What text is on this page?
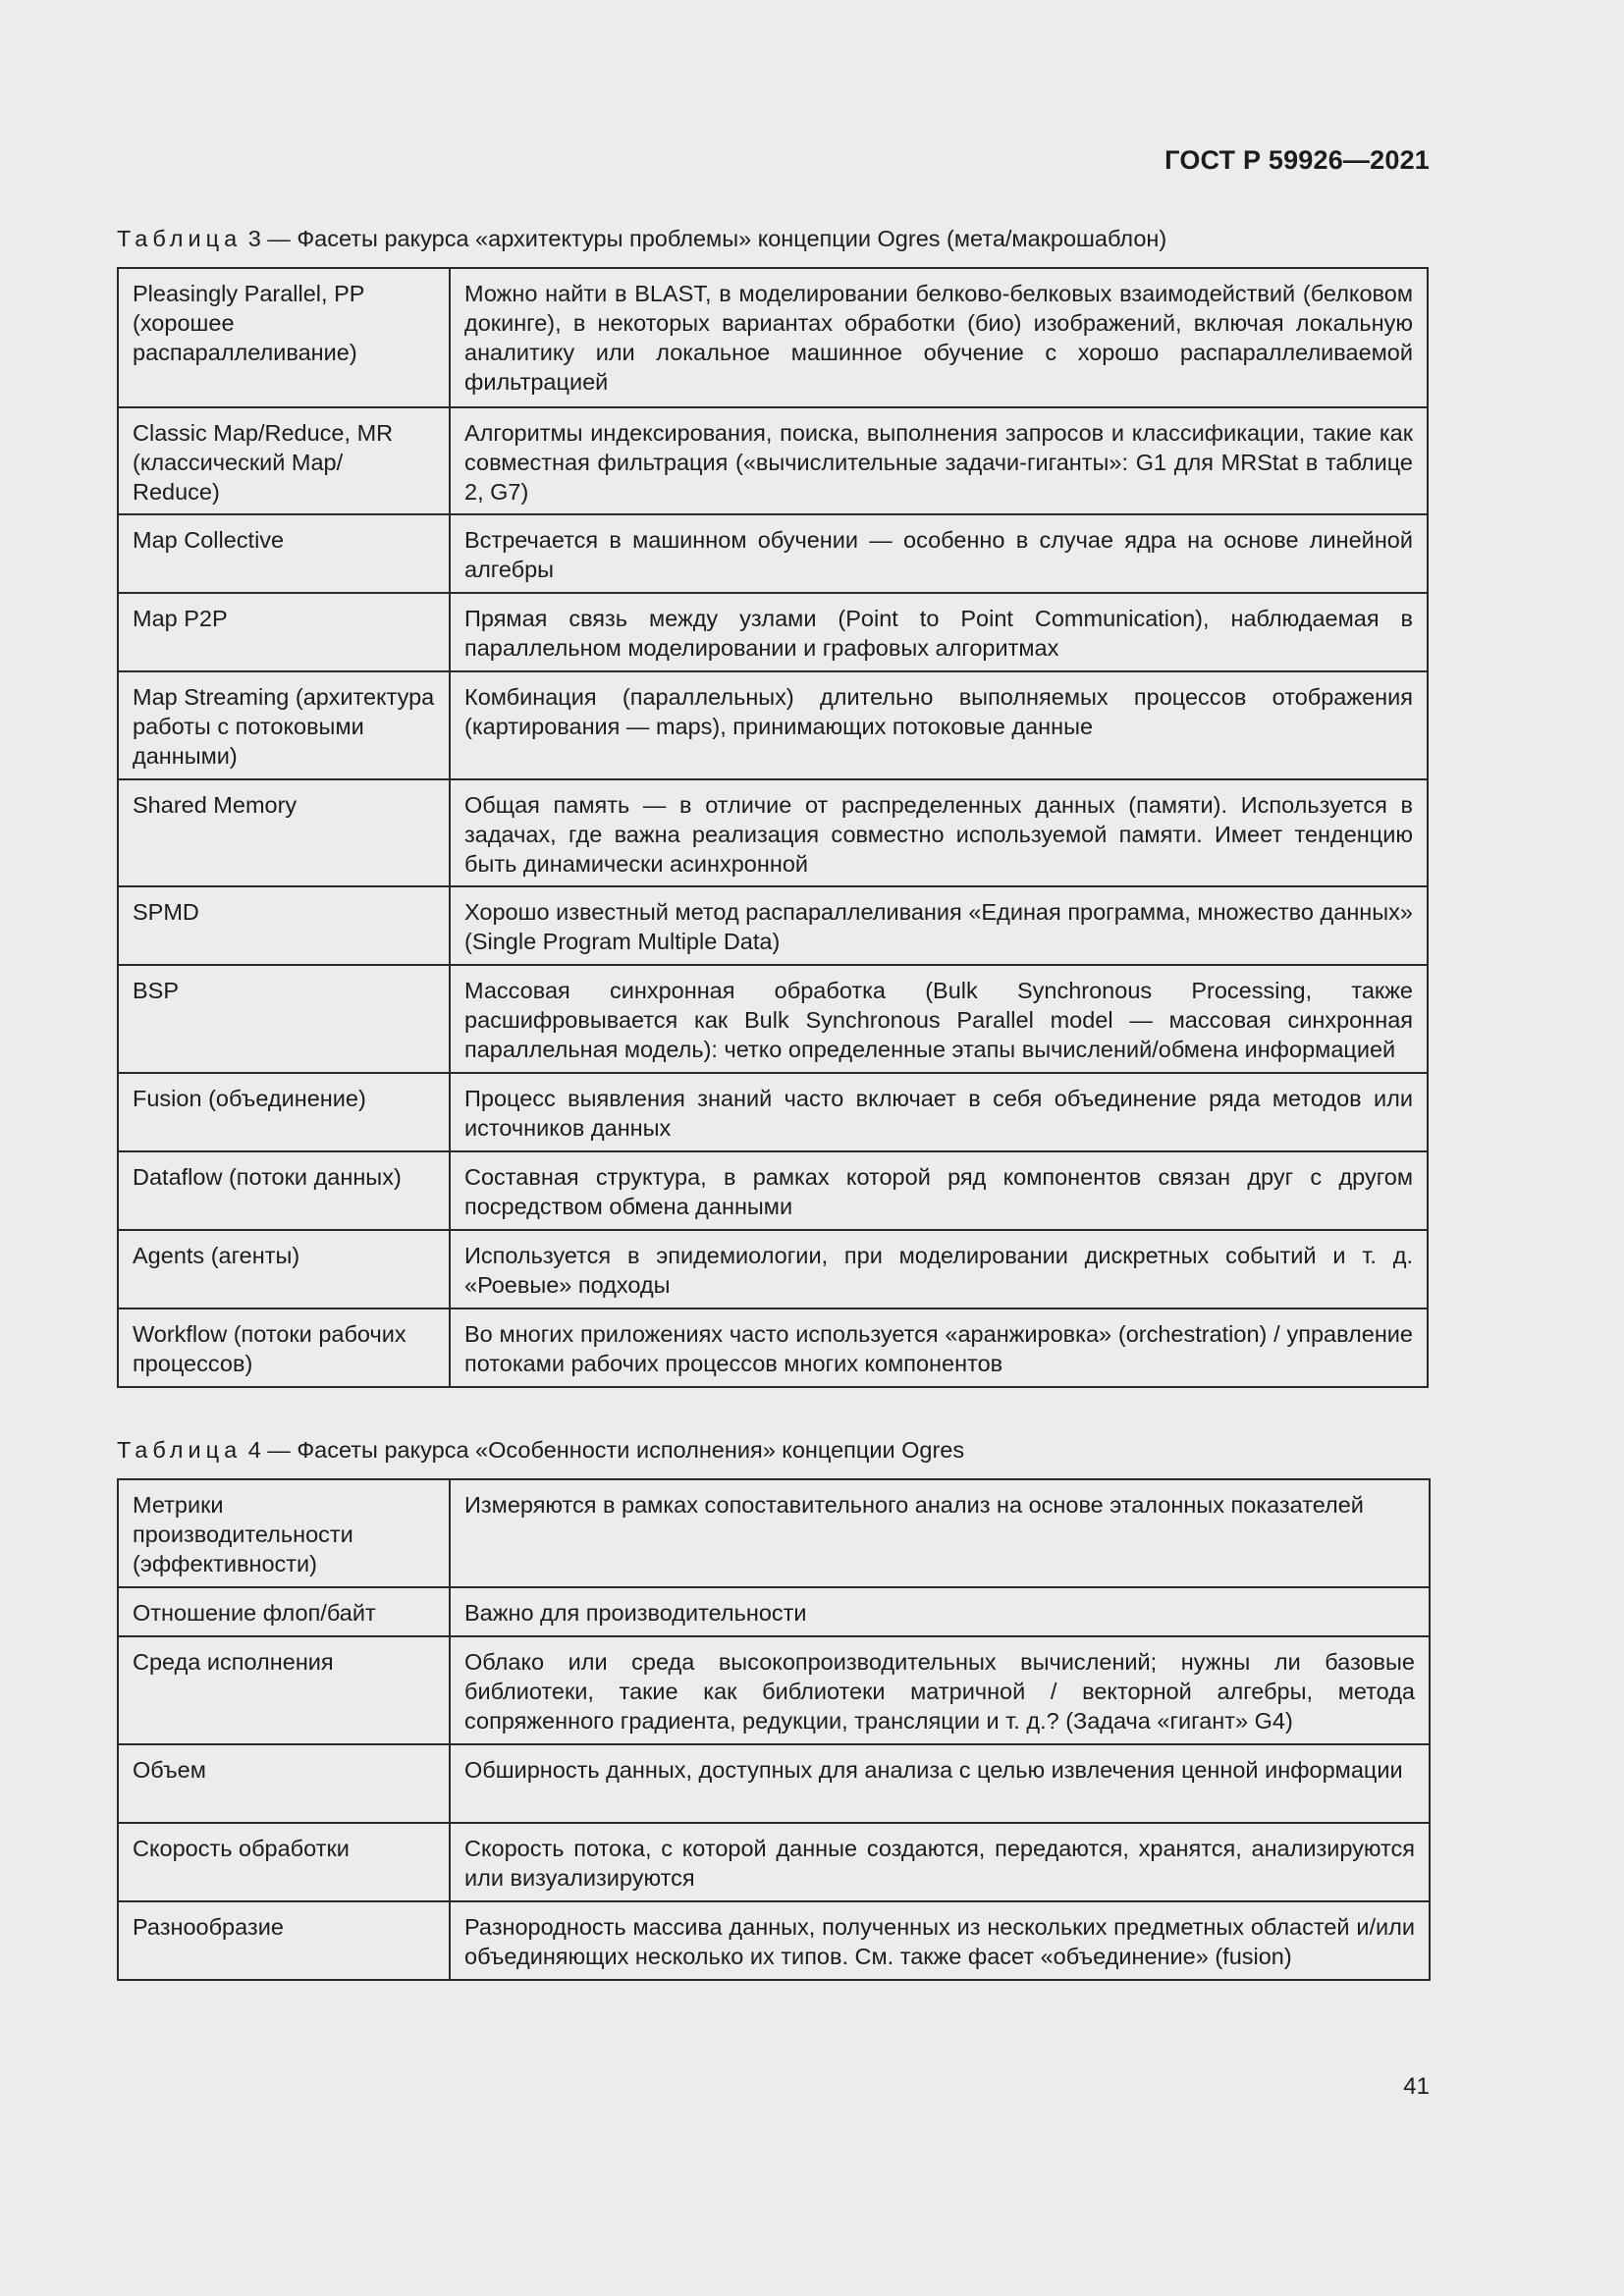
ГОСТ Р 59926—2021
Таблица 3 — Фасеты ракурса «архитектуры проблемы» концепции Ogres (мета/макрошаблон)
Pleasingly Parallel, PP (хорошее распараллеливание)	Можно найти в BLAST, в моделировании белково-белковых взаимодействий (белковом докинге), в некоторых вариантах обработки (био) изображений, включая локальную аналитику или локальное машинное обучение с хорошо распараллеливаемой фильтрацией
Classic Map/Reduce, MR (классический Map/ Reduce)	Алгоритмы индексирования, поиска, выполнения запросов и классификации, такие как совместная фильтрация («вычислительные задачи-гиганты»: G1 для MRStat в таблице 2, G7)
Map Collective	Встречается в машинном обучении — особенно в случае ядра на основе линейной алгебры
Map P2P	Прямая связь между узлами (Point to Point Communication), наблюдаемая в параллельном моделировании и графовых алгоритмах
Map Streaming (архитектура работы с потоковыми данными)	Комбинация (параллельных) длительно выполняемых процессов отображения (картирования — maps), принимающих потоковые данные
Shared Memory	Общая память — в отличие от распределенных данных (памяти). Используется в задачах, где важна реализация совместно используемой памяти. Имеет тенденцию быть динамически асинхронной
SPMD	Хорошо известный метод распараллеливания «Единая программа, множество данных» (Single Program Multiple Data)
BSP	Массовая синхронная обработка (Bulk Synchronous Processing, также расшифровывается как Bulk Synchronous Parallel model — массовая синхронная параллельная модель): четко определенные этапы вычислений/обмена информацией
Fusion (объединение)	Процесс выявления знаний часто включает в себя объединение ряда методов или источников данных
Dataflow (потоки данных)	Составная структура, в рамках которой ряд компонентов связан друг с другом посредством обмена данными
Agents (агенты)	Используется в эпидемиологии, при моделировании дискретных событий и т. д. «Роевые» подходы
Workflow (потоки рабочих процессов)	Во многих приложениях часто используется «аранжировка» (orchestration) / управление потоками рабочих процессов многих компонентов
Таблица 4 — Фасеты ракурса «Особенности исполнения» концепции Ogres
Метрики производительности (эффективности)	Измеряются в рамках сопоставительного анализ на основе эталонных показателей
Отношение флоп/байт	Важно для производительности
Среда исполнения	Облако или среда высокопроизводительных вычислений; нужны ли базовые библиотеки, такие как библиотеки матричной / векторной алгебры, метода сопряженного градиента, редукции, трансляции и т. д.? (Задача «гигант» G4)
Объем	Обширность данных, доступных для анализа с целью извлечения ценной информации
Скорость обработки	Скорость потока, с которой данные создаются, передаются, хранятся, анализируются или визуализируются
Разнообразие	Разнородность массива данных, полученных из нескольких предметных областей и/или объединяющих несколько их типов. См. также фасет «объединение» (fusion)
41
